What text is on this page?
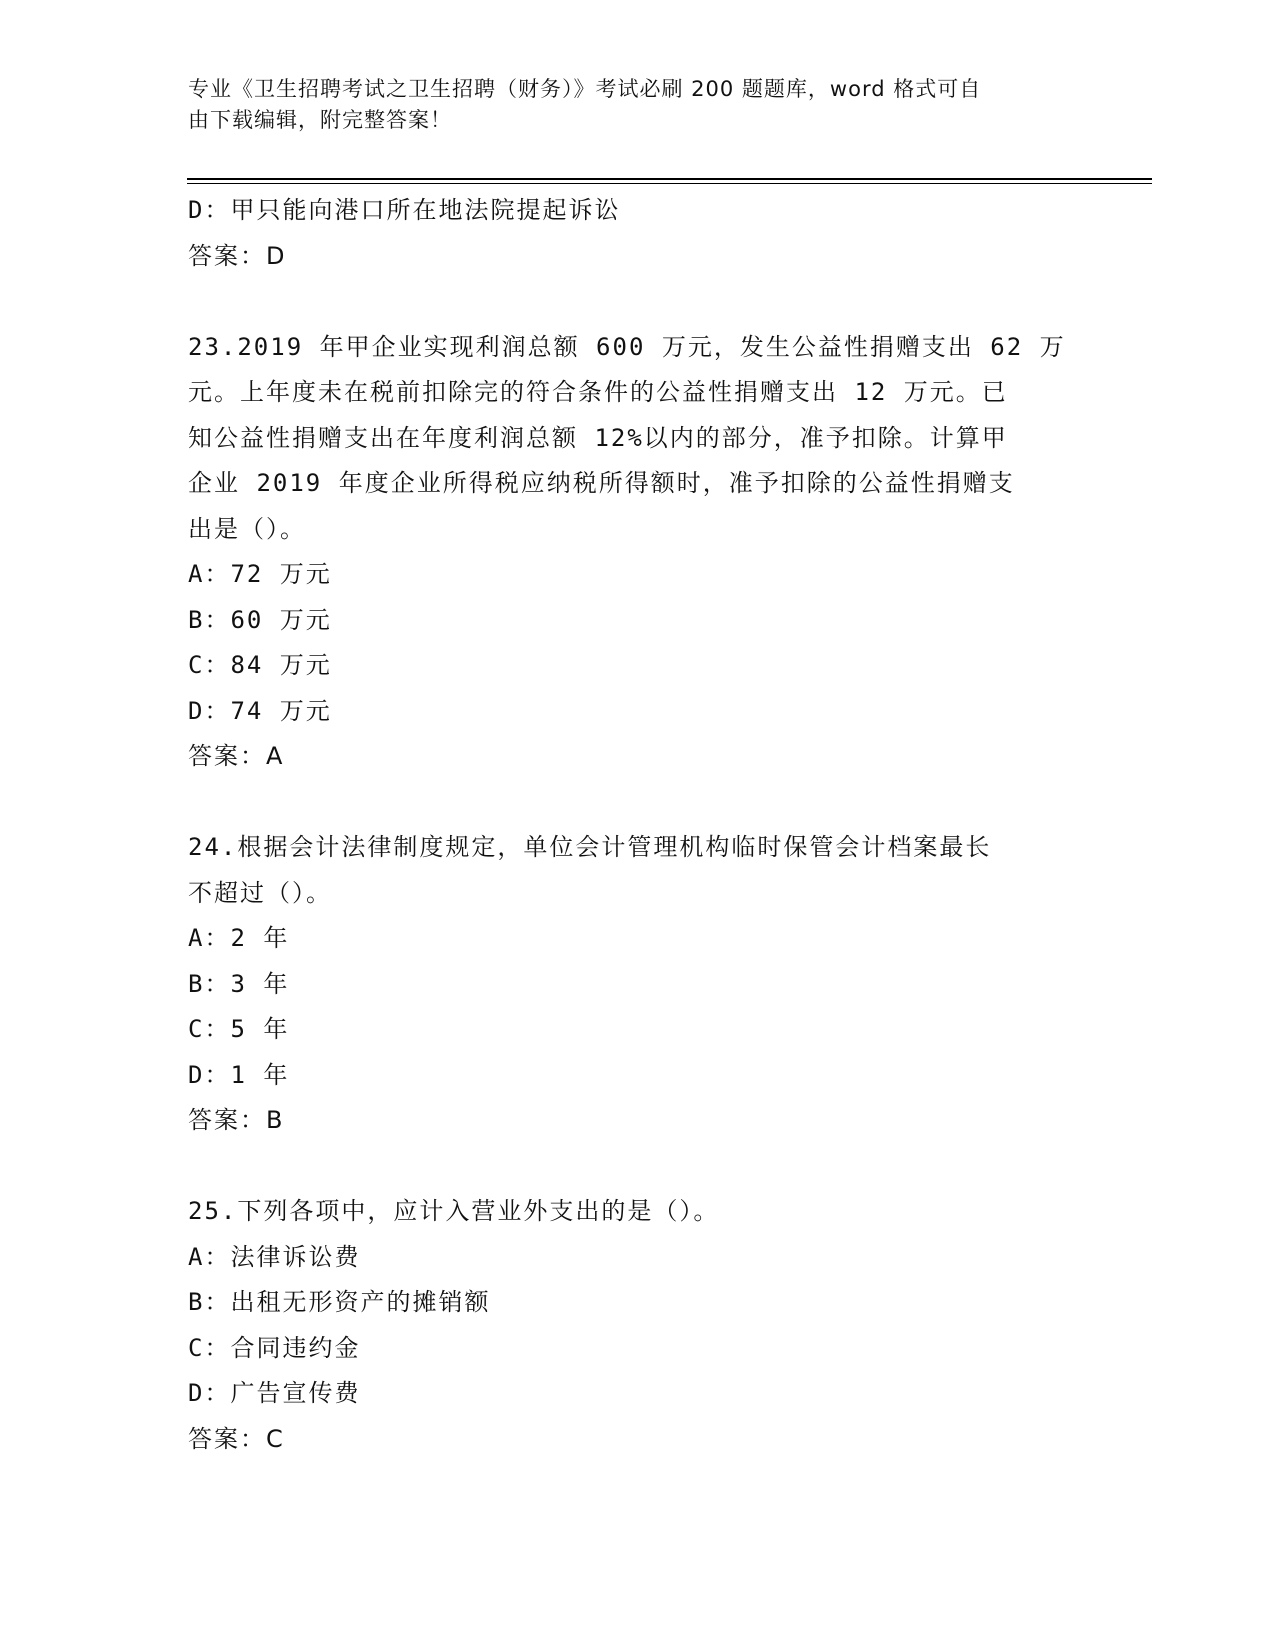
专业《卫生招聘考试之卫生招聘（财务）》考试必刷 200 题题库，word 格式可自
由下载编辑，附完整答案！
D：甲只能向港口所在地法院提起诉讼
答案：D
23.2019 年甲企业实现利润总额 600 万元，发生公益性捐赠支出 62 万
元。上年度未在税前扣除完的符合条件的公益性捐赠支出 12 万元。已
知公益性捐赠支出在年度利润总额 12%以内的部分，准予扣除。计算甲
企业 2019 年度企业所得税应纳税所得额时，准予扣除的公益性捐赠支
出是（）。
A：72 万元
B：60 万元
C：84 万元
D：74 万元
答案：A
24.根据会计法律制度规定，单位会计管理机构临时保管会计档案最长
不超过（）。
A：2 年
B：3 年
C：5 年
D：1 年
答案：B
25.下列各项中，应计入营业外支出的是（）。
A：法律诉讼费
B：出租无形资产的摊销额
C：合同违约金
D：广告宣传费
答案：C
